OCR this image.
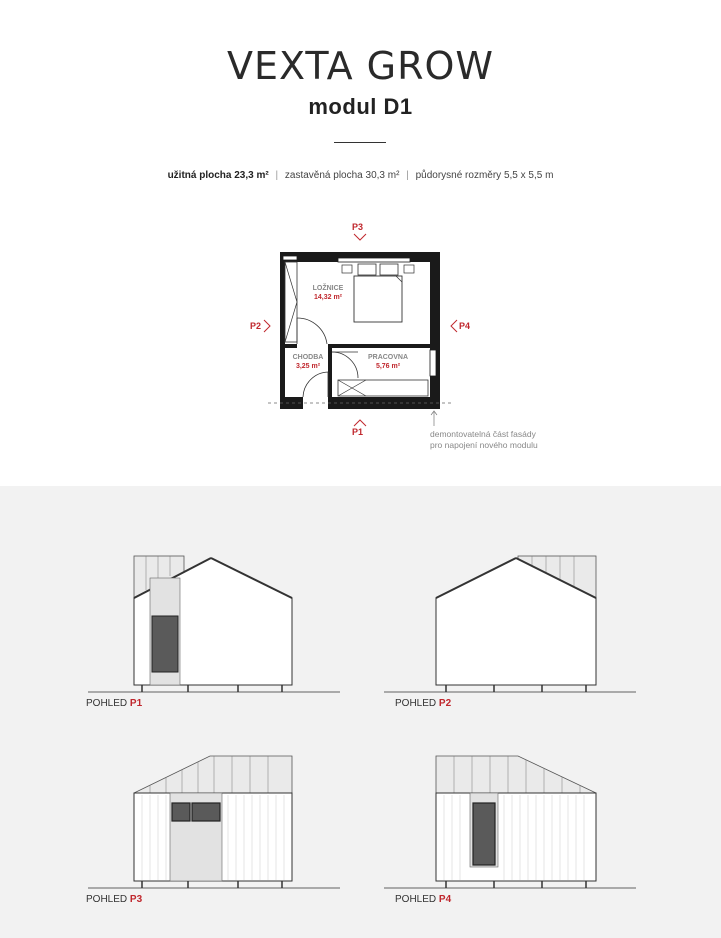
VEXTA GROW
modul D1
užitná plocha 23,3 m² | zastavěná plocha 30,3 m² | půdorysné rozměry 5,5 x 5,5 m
LOŽNICE
14,32 m²
CHODBA
3,25 m²
PRACOVNA
5,76 m²
P3
P1
P2	P4
demontovatelná část fasády
pro napojení nového modulu
POHLED P1	POHLED P2
POHLED P3	POHLED P4
